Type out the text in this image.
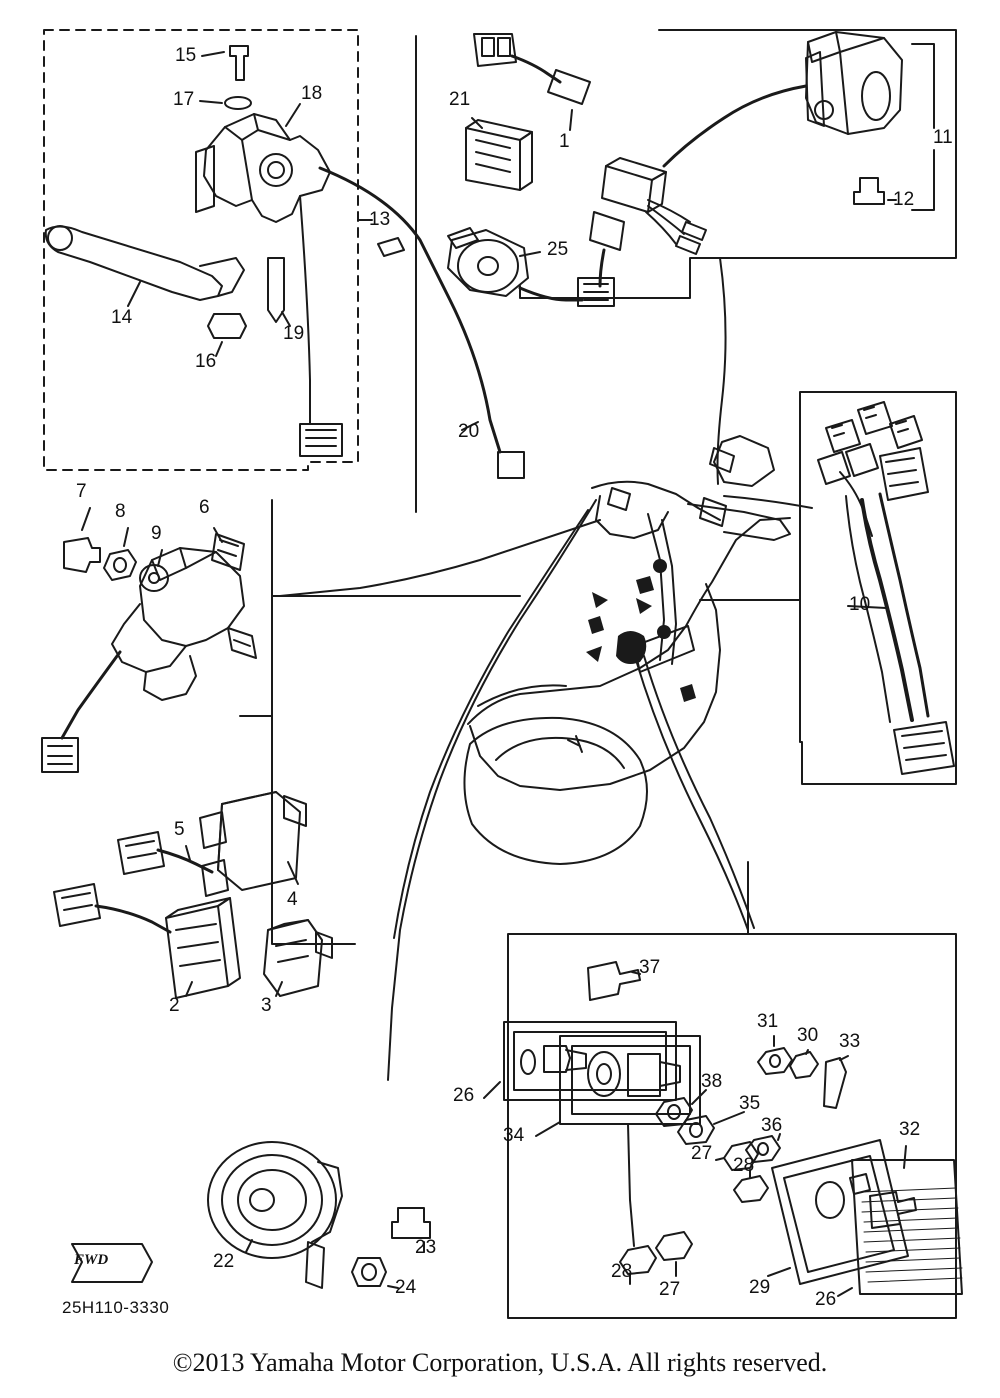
FWD
25H110-3330
©2013 Yamaha Motor Corporation, U.S.A. All rights reserved.
1
2	3
4
5
6
7
8
9
10
11
12
13
14
15
16
17	18
19
20
21
22
23
24
25
26
27
28
28
27	29
26
30
31
32
33
34
35
36
37
38
